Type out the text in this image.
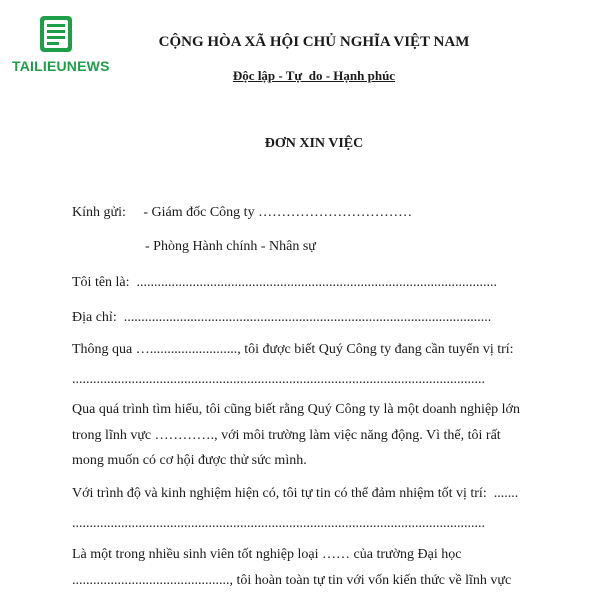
TAILIEUNEWS
CỘNG HÒA XÃ HỘI CHỦ NGHĨA VIỆT NAM
Độc lập - Tự  do - Hạnh phúc
ĐƠN XIN VIỆC
Kính gửi:     - Giám đốc Công ty ……………………………
- Phòng Hành chính - Nhân sự
Tôi tên là:  .......................................................................................................
Địa chỉ:  .........................................................................................................
Thông qua …........................., tôi được biết Quý Công ty đang cần tuyển vị trí:
......................................................................................................................
Qua quá trình tìm hiểu, tôi cũng biết rằng Quý Công ty là một doanh nghiệp lớn
trong lĩnh vực …………., với môi trường làm việc năng động. Vì thế, tôi rất
mong muốn có cơ hội được thử sức mình.
Với trình độ và kinh nghiệm hiện có, tôi tự tin có thể đảm nhiệm tốt vị trí:  .......
......................................................................................................................
Là một trong nhiều sinh viên tốt nghiệp loại …… của trường Đại học
............................................., tôi hoàn toàn tự tin với vốn kiến thức về lĩnh vực
